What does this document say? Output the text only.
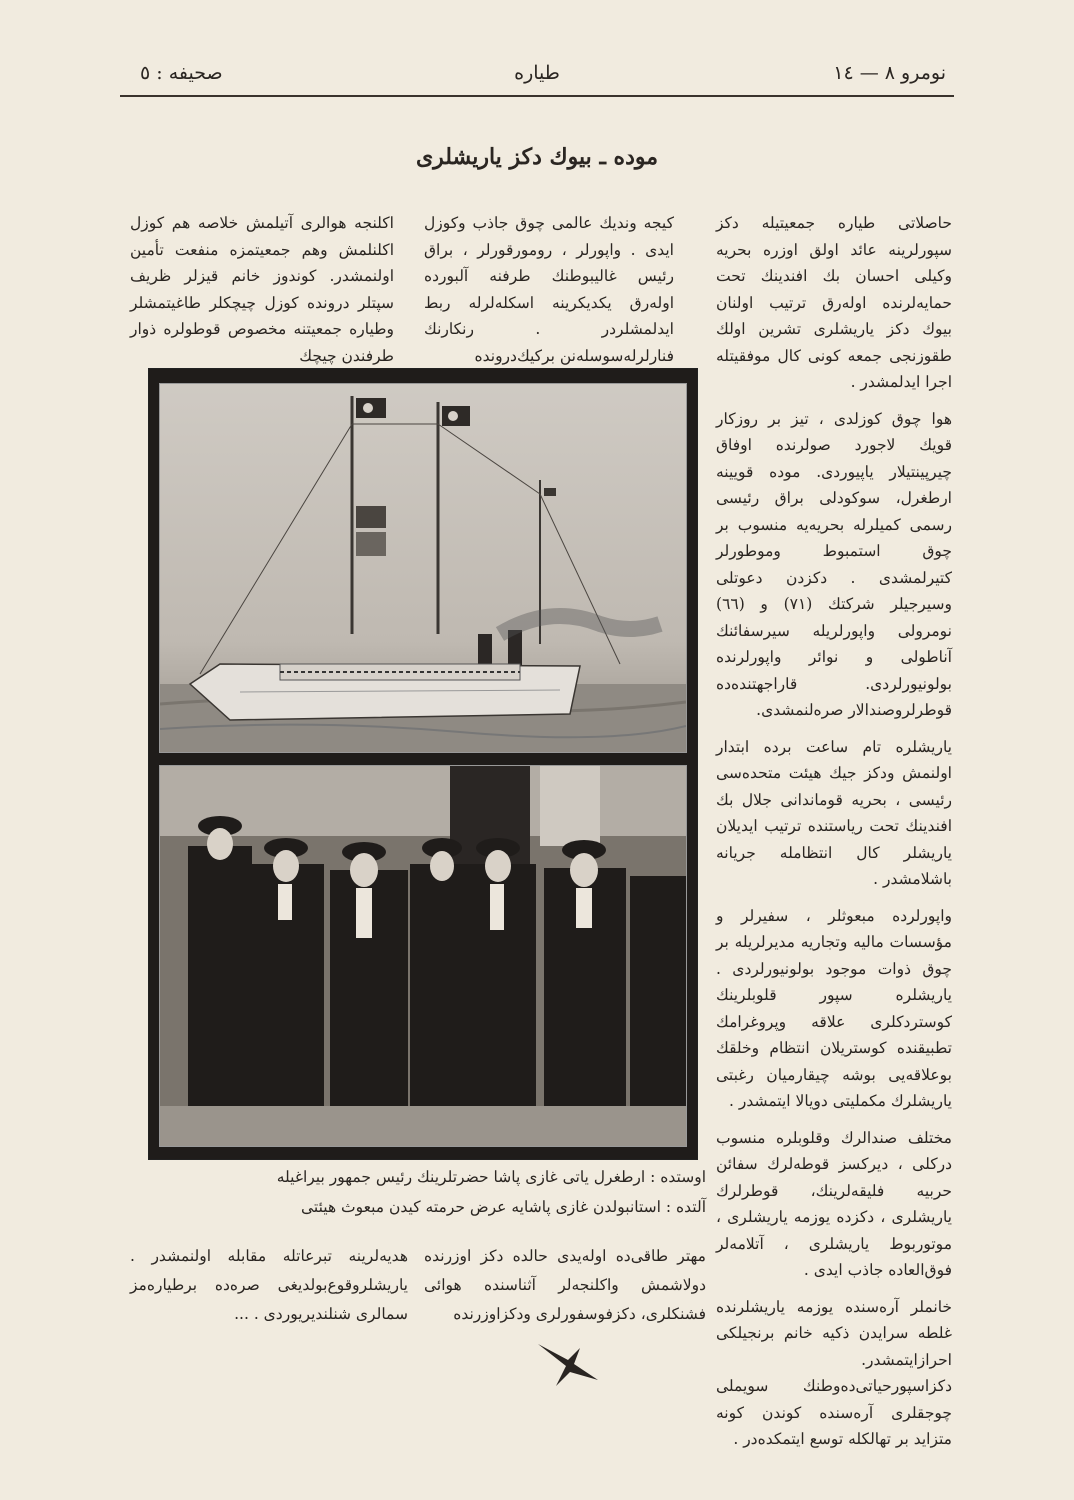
صحیفه : ٥	طیاره	نومرو ٨ — ١٤
موده ـ بیوك دكز یاریشلری

حاصلاتی طیاره جمعیتیله دكز سپورلرینه عائد اولق اوزره بحریه وكیلی احسان بك افندینك تحت حمایه‌لرنده اوله‌رق ترتیب اولنان بیوك دكز یاریشلری تشرین اولك طقوزنجی جمعه كونی كال موفقیتله اجرا ایدلمشدر .

هوا چوق كوزلدی ، تیز بر روزكار قویك لاجورد صولرنده اوفاق چیرپینتیلار یاپیوردی. موده قویینه ارطغرل، سوكودلی براق رئیسی رسمی كمیلرله بحریه‌یه منسوب بر چوق استمبوط وموطورلر كتیرلمشدی . دكزدن دعوتلی وسیرجیلر شركتك (٧١) و (٦٦) نومرولی واپورلریله سیرسفائنك آناطولی و نوائر واپورلرنده بولونیورلردی. قاراجهتنده‌ده قوطرلروصندالار صره‌لنمشدی.

یاریشلره تام ساعت برده ابتدار اولنمش ودكز جیك هیئت متحده‌سی رئیسی ، بحریه قوماندانی جلال بك افندینك تحت ریاستنده ترتیب ایدیلان یاریشلر كال انتظامله جریانه باشلامشدر .

واپورلرده مبعوثلر ، سفیرلر و مؤسسات مالیه وتجاریه مدیرلریله بر چوق ذوات موجود بولونیورلردی . یاریشلره سپور قلوبلرینك كوستردكلری علاقه وپروغرامك تطبیقنده كوستریلان انتظام وخلقك بوعلاقه‌یی بوشه چیقارمیان رغبتی یاریشلرك مكملیتی دویالا ایتمشدر .

مختلف صندالرك وقلوبلره منسوب دركلی ، دیركسز قوطه‌لرك سفائن حربیه فلیقه‌لرینك، قوطرلرك یاریشلری ، دكزده یوزمه یاریشلری ، موتوربوط یاریشلری ، آتلامه‌لر فوق‌العاده جاذب ایدی .

خانملر آره‌سنده یوزمه یاریشلرنده غلطه سرایدن ذكیه خانم برنجیلكی احرازایتمشدر. دكزاسپورحیاتی‌ده‌وطنك سویملی چوجقلری آره‌سنده كوندن كونه متزاید بر تهالكله توسع ایتمكده‌در .

كیجه وندیك عالمی چوق جاذب وكوزل ایدی . واپورلر ، رومورقورلر ، براق رئیس غالیبوطنك طرفنه آلبورده اوله‌رق یكدیكرینه اسكله‌لرله ربط ایدلمشلردر . رنكارنك فنارلرله‌سوسله‌نن بركیك‌درونده

اكلنجه هوالری آتیلمش خلاصه هم كوزل اكلنلمش وهم جمعیتمزه منفعت تأمین اولنمشدر. كوندوز خانم قیزلر ظریف سپتلر درونده كوزل چیچكلر طاغیتمشلر وطیاره جمعیتنه مخصوص قوطولره ذوار طرفندن چیچك

اوستده : ارطغرل یاتی غازی پاشا حضرتلرینك رئیس جمهور بیراغیله
آلتده : استانبولدن غازی پاشایه عرض حرمته كیدن مبعوث هیئتی
مهتر طاقی‌ده اوله‌یدی حالده دكز اوزرنده دولاشمش واكلنجه‌لر آثناسنده هوائی فشنكلری، دكزفوسفورلری ودكزاوزرنده
هدیه‌لرینه تبرعاتله مقابله اولنمشدر . یاریشلروقوع‌بولدیغی صره‌ده برطیاره‌مز سمالری شنلندیریوردی . ...
